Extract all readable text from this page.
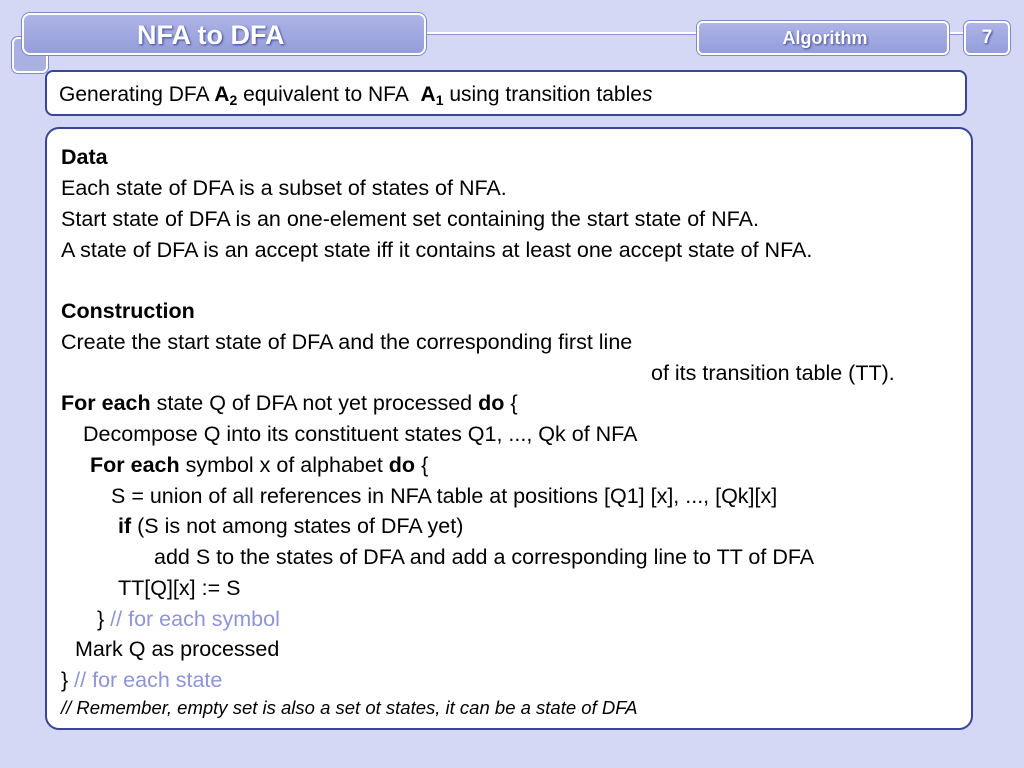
NFA to DFA	Algorithm	7
Generating DFA $A_2$ equivalent to NFA $A_1$ using transition tables
Data
Each state of DFA is a subset of states of NFA.
Start state of DFA is an one-element set containing the start state of NFA.
A state of DFA is an accept state iff it contains at least one accept state of NFA.
Construction
Create the start state of DFA and the corresponding first line
of its transition table (TT).
For each state Q of DFA not yet processed do {
Decompose Q into its constituent states Q1, ..., Qk of NFA
For each symbol x of alphabet do {
S = union of all references in NFA table at positions [Q1] [x], ..., [Qk][x]
if (S is not among states of DFA yet)
add S to the states of DFA and add a corresponding line to TT of DFA
TT[Q][x] := S
} // for each symbol
Mark Q as processed
} // for each state
// Remember, empty set is also a set ot states, it can be a state of DFA
